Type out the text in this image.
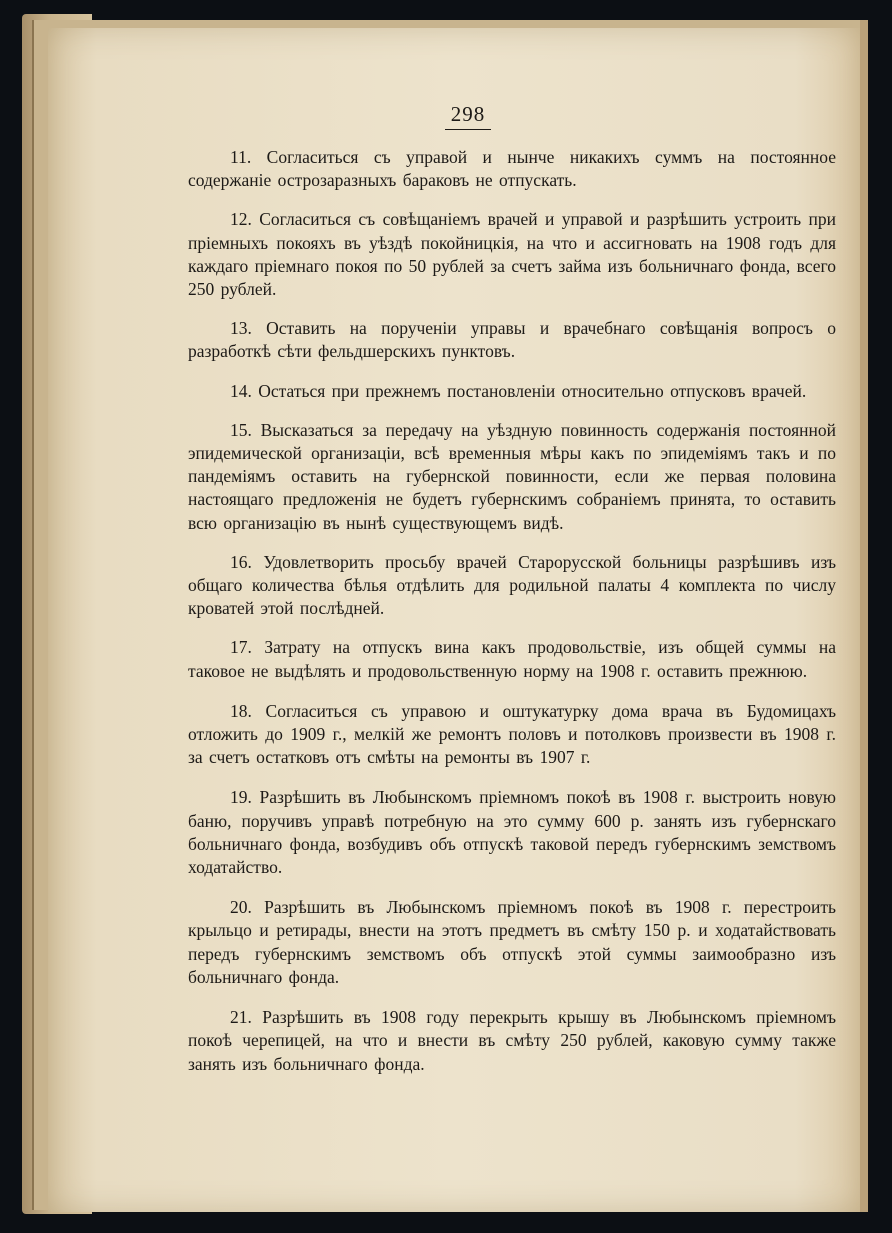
298

11. Согласиться съ управой и нынче никакихъ суммъ на постоянное содержаніе острозаразныхъ бараковъ не отпускать.

12. Согласиться съ совѣщаніемъ врачей и управой и разрѣшить устроить при пріемныхъ покояхъ въ уѣздѣ покойницкія, на что и ассигновать на 1908 годъ для каждаго пріемнаго покоя по 50 рублей за счетъ займа изъ больничнаго фонда, всего 250 рублей.

13. Оставить на порученіи управы и врачебнаго совѣщанія вопросъ о разработкѣ сѣти фельдшерскихъ пунктовъ.

14. Остаться при прежнемъ постановленіи относительно отпусковъ врачей.

15. Высказаться за передачу на уѣздную повинность содержанія постоянной эпидемической организаціи, всѣ временныя мѣры какъ по эпидеміямъ такъ и по пандеміямъ оставить на губернской повинности, если же первая половина настоящаго предложенія не будетъ губернскимъ собраніемъ принята, то оставить всю организацію въ нынѣ существующемъ видѣ.

16. Удовлетворить просьбу врачей Старорусской больницы разрѣшивъ изъ общаго количества бѣлья отдѣлить для родильной палаты 4 комплекта по числу кроватей этой послѣдней.

17. Затрату на отпускъ вина какъ продовольствіе, изъ общей суммы на таковое не выдѣлять и продовольственную норму на 1908 г. оставить прежнюю.

18. Согласиться съ управою и оштукатурку дома врача въ Будомицахъ отложить до 1909 г., мелкій же ремонтъ половъ и потолковъ произвести въ 1908 г. за счетъ остатковъ отъ смѣты на ремонты въ 1907 г.

19. Разрѣшить въ Любынскомъ пріемномъ покоѣ въ 1908 г. выстроить новую баню, поручивъ управѣ потребную на это сумму 600 р. занять изъ губернскаго больничнаго фонда, возбудивъ объ отпускѣ таковой передъ губернскимъ земствомъ ходатайство.

20. Разрѣшить въ Любынскомъ пріемномъ покоѣ въ 1908 г. перестроить крыльцо и ретирады, внести на этотъ предметъ въ смѣту 150 р. и ходатайствовать передъ губернскимъ земствомъ объ отпускѣ этой суммы заимообразно изъ больничнаго фонда.

21. Разрѣшить въ 1908 году перекрыть крышу въ Любынскомъ пріемномъ покоѣ черепицей, на что и внести въ смѣту 250 рублей, каковую сумму также занять изъ больничнаго фонда.
